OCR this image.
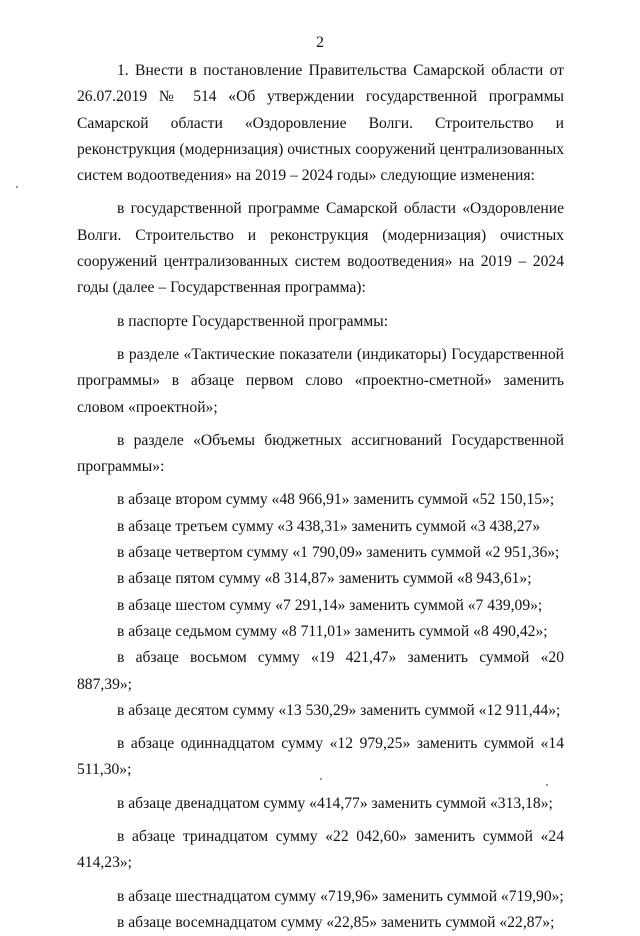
2

1. Внести в постановление Правительства Самарской области от 26.07.2019 № 514 «Об утверждении государственной программы Самарской области «Оздоровление Волги. Строительство и реконструкция (модернизация) очистных сооружений централизованных систем водоотведения» на 2019 – 2024 годы» следующие изменения:

в государственной программе Самарской области «Оздоровление Волги. Строительство и реконструкция (модернизация) очистных сооружений централизованных систем водоотведения» на 2019 – 2024 годы (далее – Государственная программа):

в паспорте Государственной программы:

в разделе «Тактические показатели (индикаторы) Государственной программы» в абзаце первом слово «проектно-сметной» заменить словом «проектной»;

в разделе «Объемы бюджетных ассигнований Государственной программы»:

в абзаце втором сумму «48 966,91» заменить суммой «52 150,15»;

в абзаце третьем сумму «3 438,31» заменить суммой «3 438,27»

в абзаце четвертом сумму «1 790,09» заменить суммой «2 951,36»;

в абзаце пятом сумму «8 314,87» заменить суммой «8 943,61»;

в абзаце шестом сумму «7 291,14» заменить суммой «7 439,09»;

в абзаце седьмом сумму «8 711,01» заменить суммой «8 490,42»;

в абзаце восьмом сумму «19 421,47» заменить суммой «20 887,39»;

в абзаце десятом сумму «13 530,29» заменить суммой «12 911,44»;

в абзаце одиннадцатом сумму «12 979,25» заменить суммой «14 511,30»;

в абзаце двенадцатом сумму «414,77» заменить суммой «313,18»;

в абзаце тринадцатом сумму «22 042,60» заменить суммой «24 414,23»;

в абзаце шестнадцатом сумму «719,96» заменить суммой «719,90»;

в абзаце восемнадцатом сумму «22,85» заменить суммой «22,87»;
